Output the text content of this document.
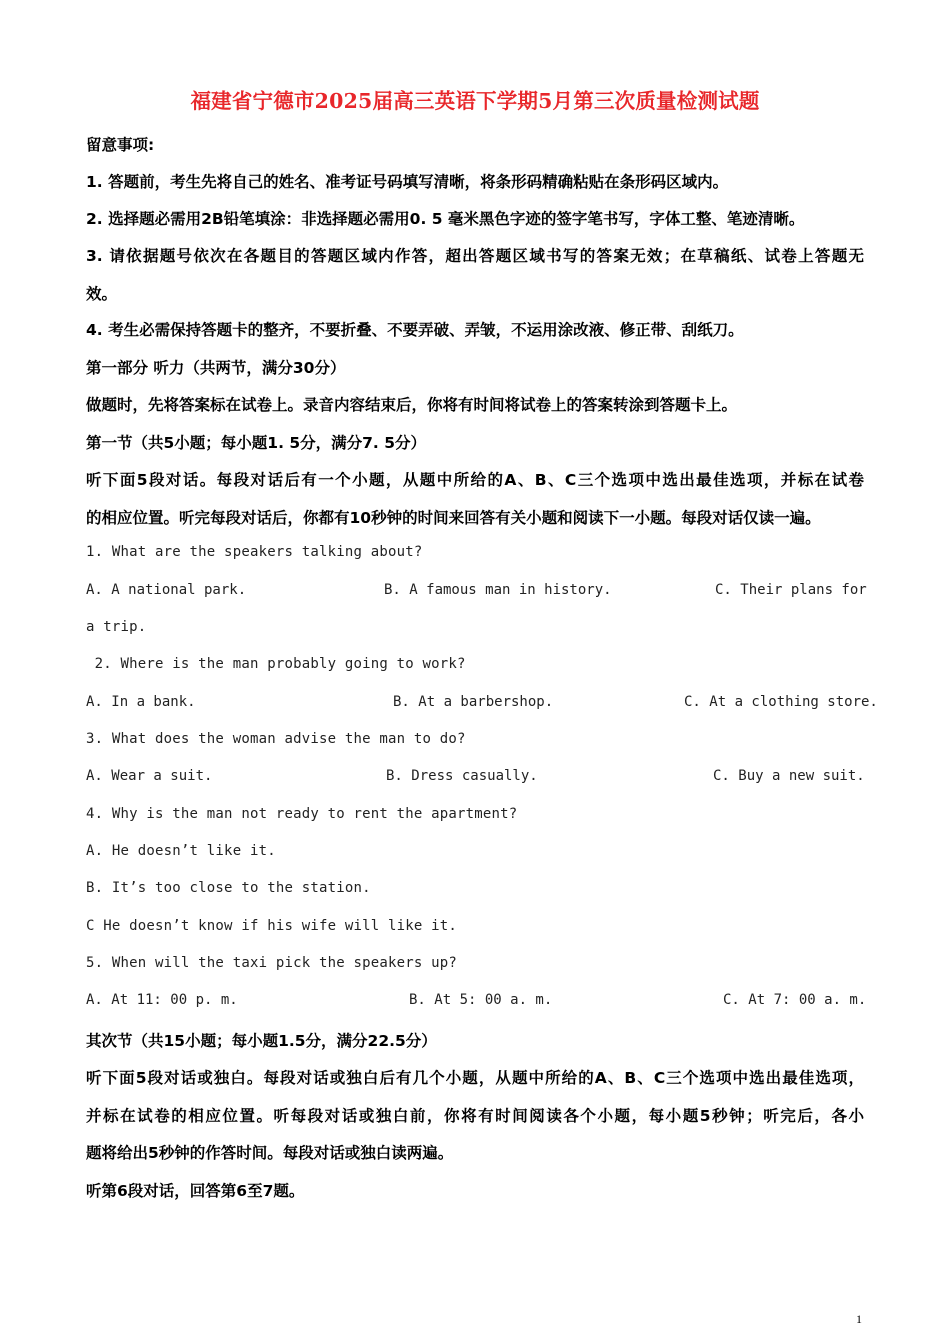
福建省宁德市2025届高三英语下学期5月第三次质量检测试题
留意事项:
1. 答题前，考生先将自己的姓名、准考证号码填写清晰，将条形码精确粘贴在条形码区域内。
2. 选择题必需用2B铅笔填涂：非选择题必需用0. 5 毫米黑色字迹的签字笔书写，字体工整、笔迹清晰。
3. 请依据题号依次在各题目的答题区域内作答，超出答题区域书写的答案无效；在草稿纸、试卷上答题无
效。
4. 考生必需保持答题卡的整齐，不要折叠、不要弄破、弄皱，不运用涂改液、修正带、刮纸刀。
第一部分 听力（共两节，满分30分）
做题时，先将答案标在试卷上。录音内容结束后，你将有时间将试卷上的答案转涂到答题卡上。
第一节（共5小题；每小题1. 5分，满分7. 5分）
听下面5段对话。每段对话后有一个小题，从题中所给的A、B、C三个选项中选出最佳选项，并标在试卷
的相应位置。听完每段对话后，你都有10秒钟的时间来回答有关小题和阅读下一小题。每段对话仅读一遍。
1. What are the speakers talking about?
A. A national park.	B. A famous man in history.	C. Their plans for
a trip.
2. Where is the man probably going to work?
A. In a bank.	B. At a barbershop.	C. At a clothing store.
3. What does the woman advise the man to do?
A. Wear a suit.	B. Dress casually.	C. Buy a new suit.
4. Why is the man not ready to rent the apartment?
A. He doesn’t like it.
B. It’s too close to the station.
C He doesn’t know if his wife will like it.
5. When will the taxi pick the speakers up?
A. At 11: 00 p. m.	B. At 5: 00 a. m.	C. At 7: 00 a. m.
其次节（共15小题；每小题1.5分，满分22.5分）
听下面5段对话或独白。每段对话或独白后有几个小题，从题中所给的A、B、C三个选项中选出最佳选项，
并标在试卷的相应位置。听每段对话或独白前，你将有时间阅读各个小题，每小题5秒钟；听完后，各小
题将给出5秒钟的作答时间。每段对话或独白读两遍。
听第6段对话，回答第6至7题。
1
